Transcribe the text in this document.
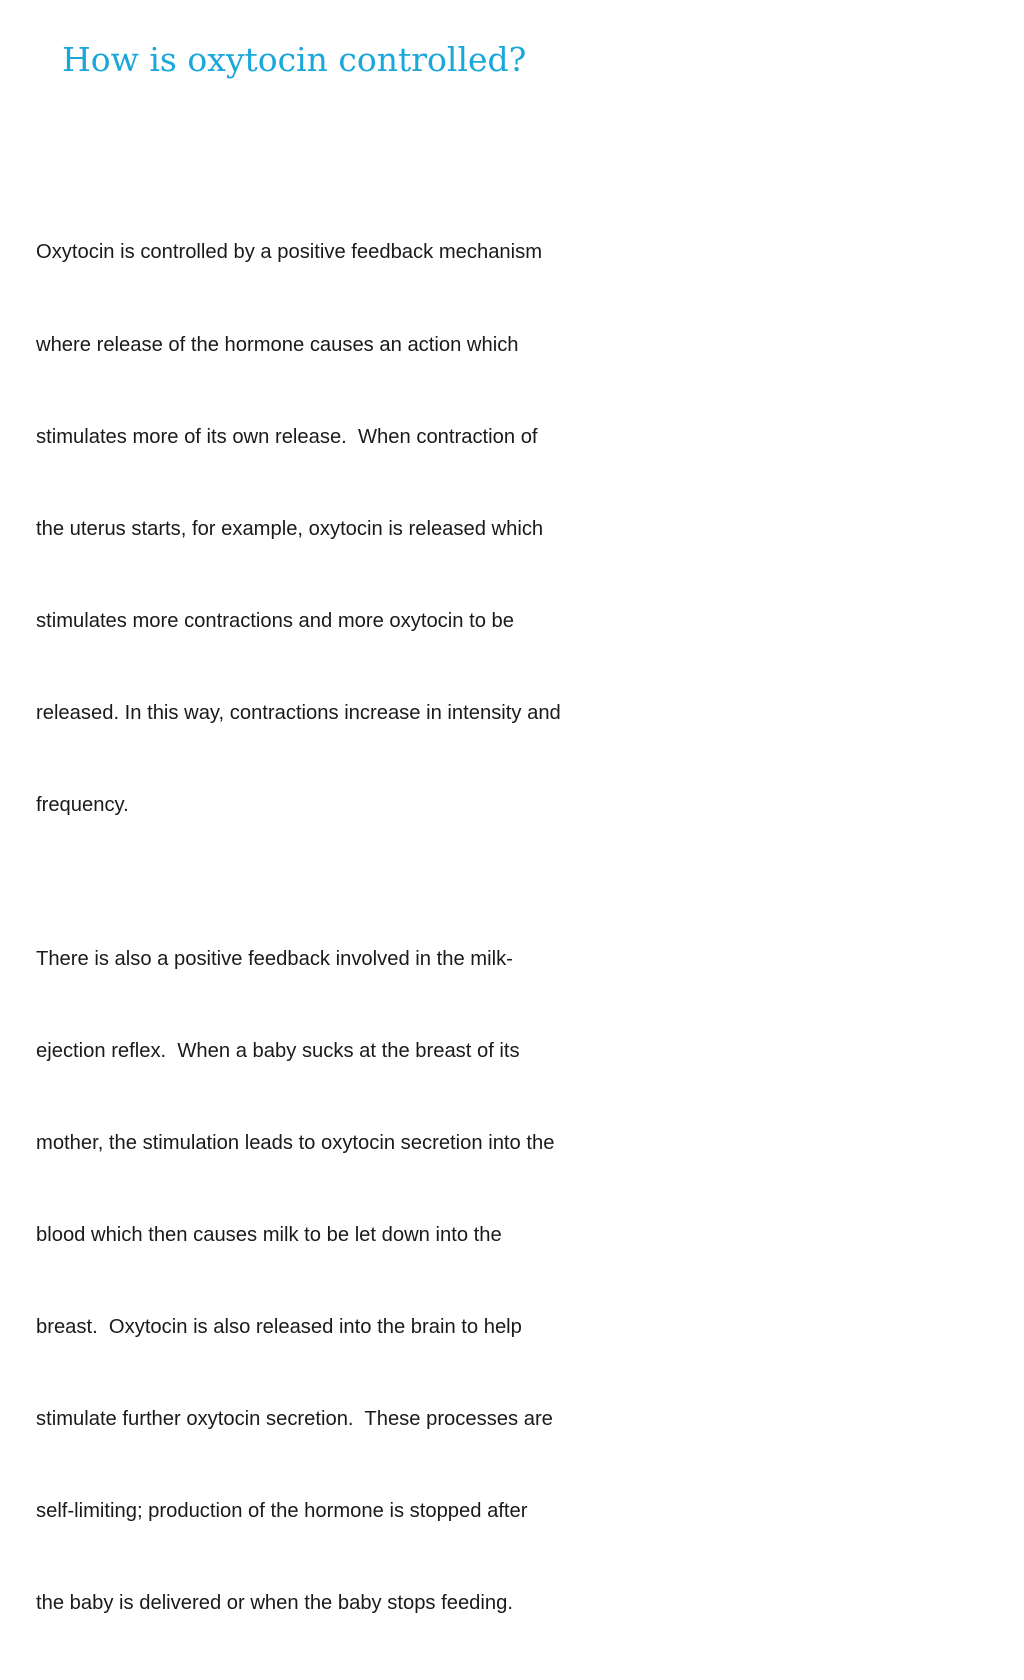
How is oxytocin controlled?

Oxytocin is controlled by a positive feedback mechanism

where release of the hormone causes an action which

stimulates more of its own release.  When contraction of

the uterus starts, for example, oxytocin is released which

stimulates more contractions and more oxytocin to be

released. In this way, contractions increase in intensity and

frequency.

There is also a positive feedback involved in the milk-

ejection reflex.  When a baby sucks at the breast of its

mother, the stimulation leads to oxytocin secretion into the

blood which then causes milk to be let down into the

breast.  Oxytocin is also released into the brain to help

stimulate further oxytocin secretion.  These processes are

self-limiting; production of the hormone is stopped after

the baby is delivered or when the baby stops feeding.
